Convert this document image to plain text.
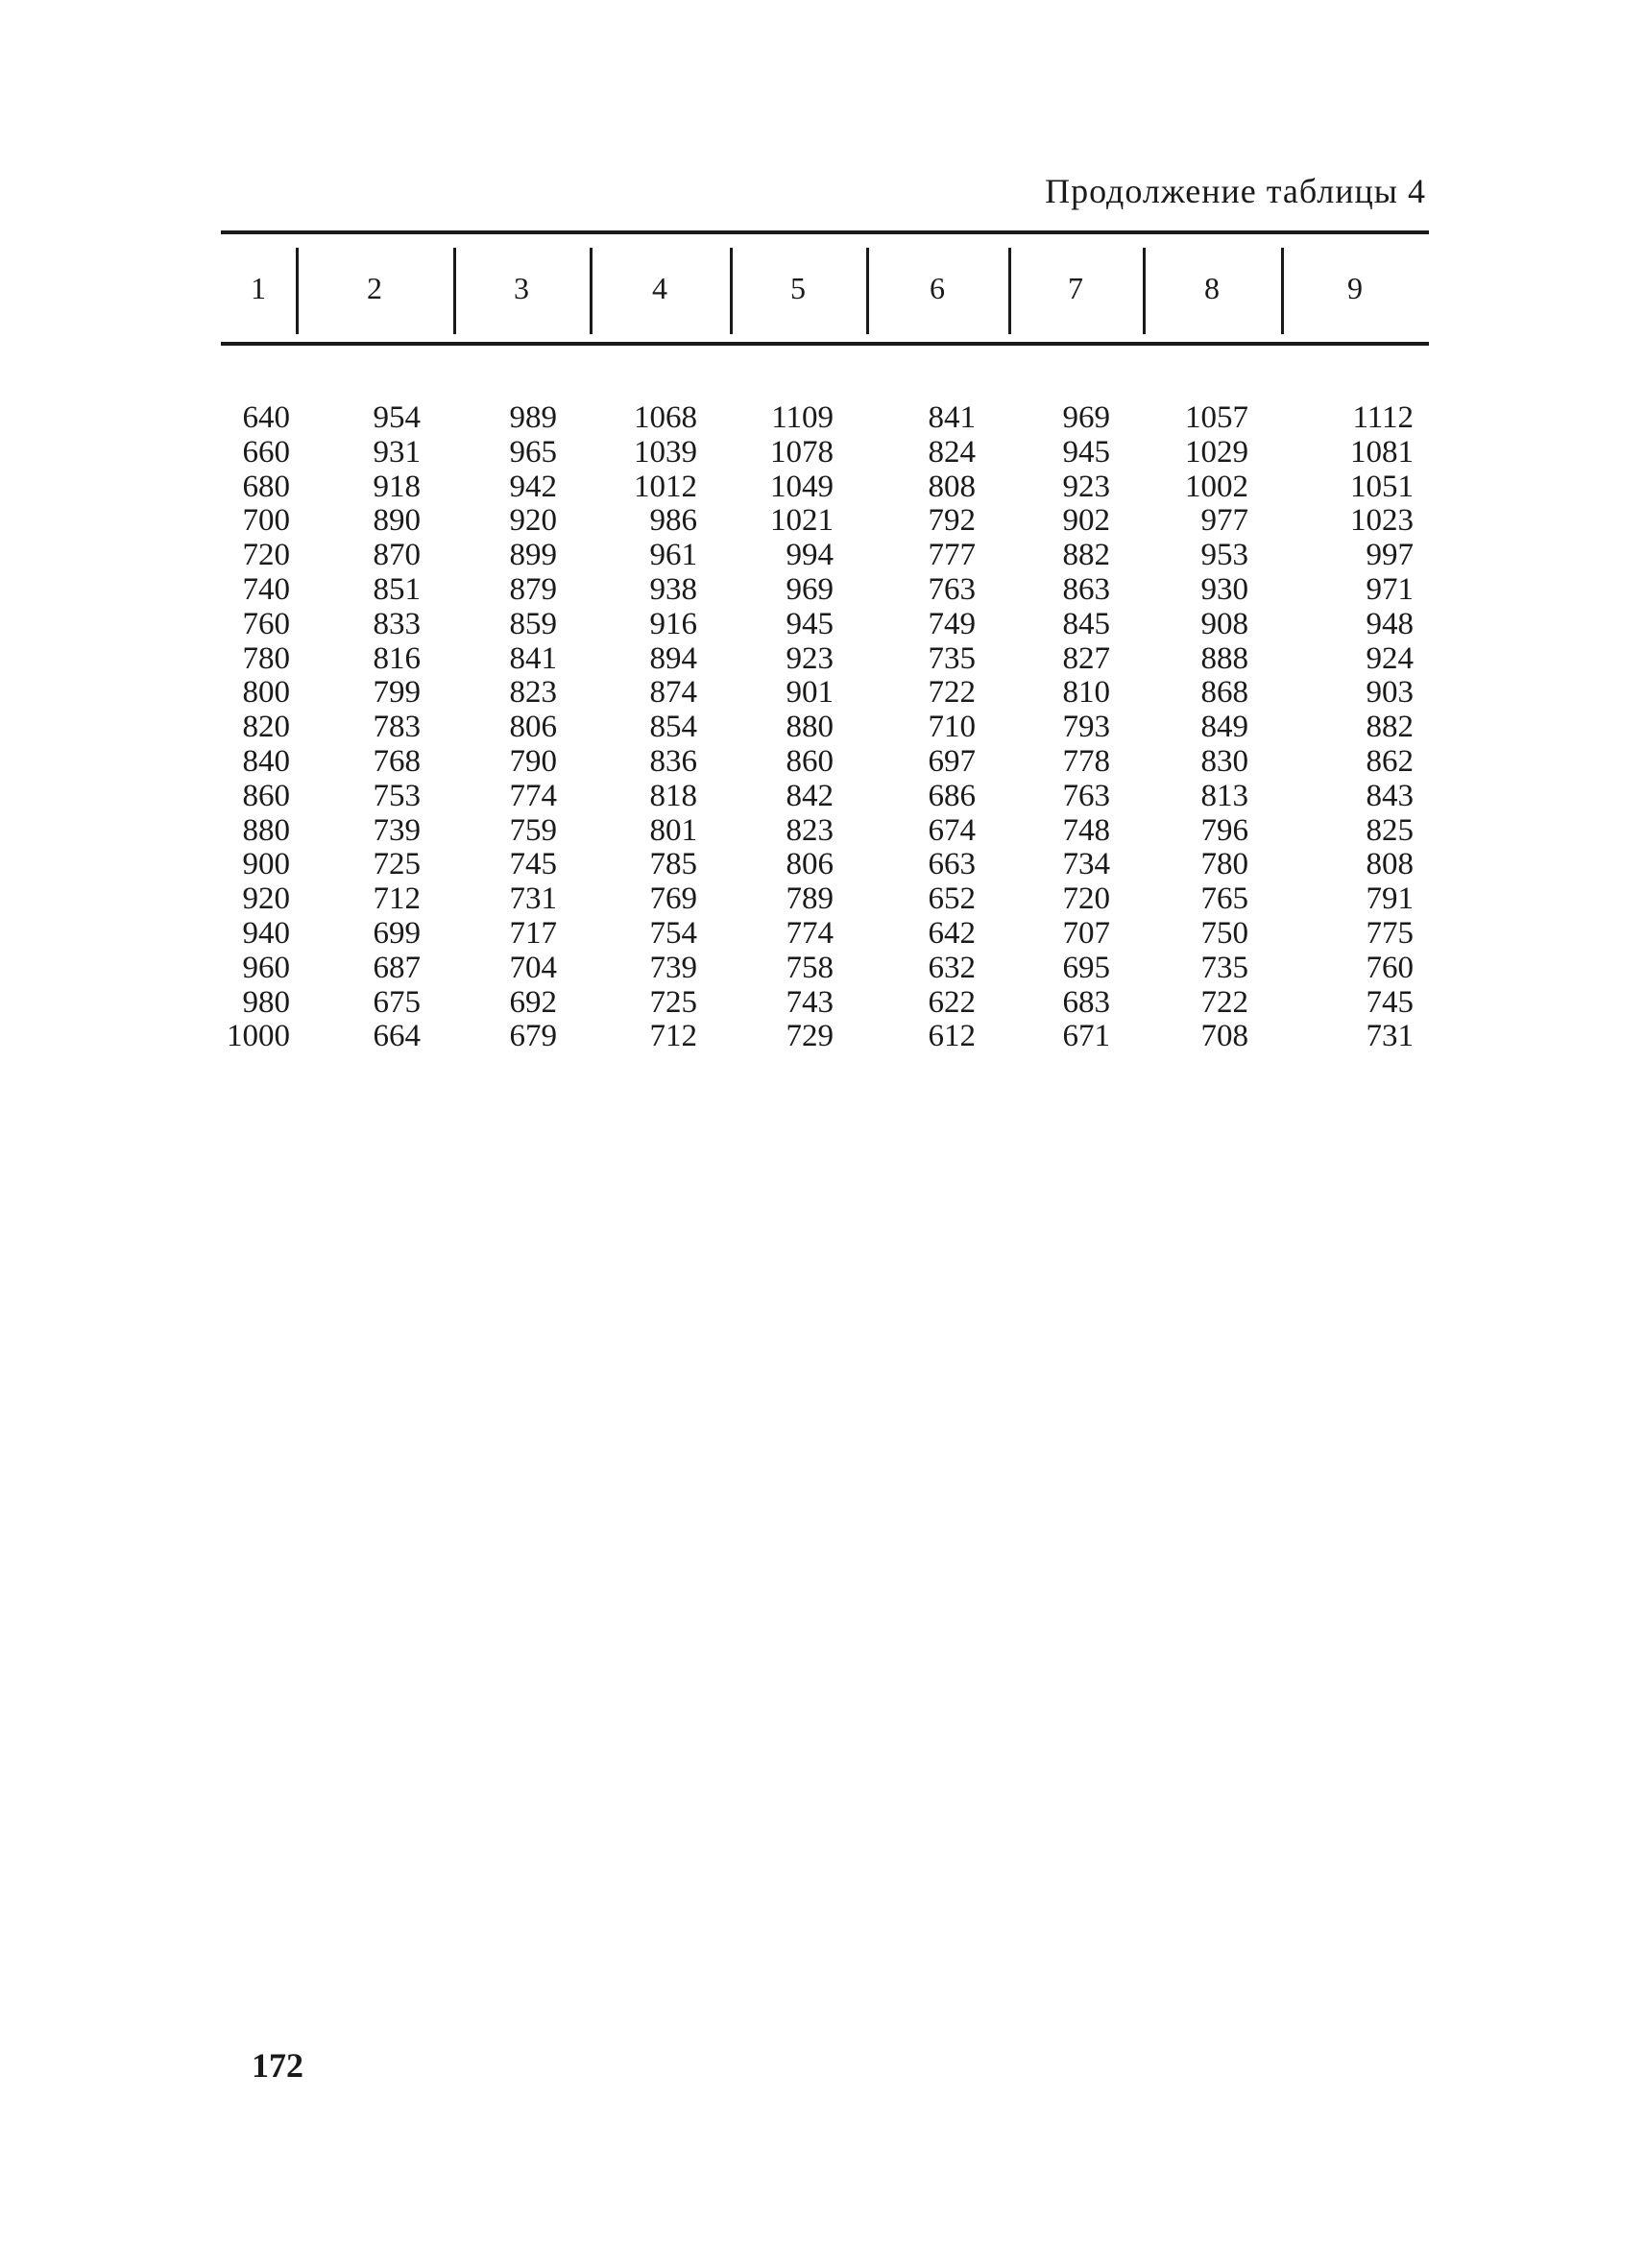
Продолжение таблицы 4
1	2	3	4	5	6	7	8	9
640	954	989	1068	1109	841	969	1057	1112
660	931	965	1039	1078	824	945	1029	1081
680	918	942	1012	1049	808	923	1002	1051
700	890	920	986	1021	792	902	977	1023
720	870	899	961	994	777	882	953	997
740	851	879	938	969	763	863	930	971
760	833	859	916	945	749	845	908	948
780	816	841	894	923	735	827	888	924
800	799	823	874	901	722	810	868	903
820	783	806	854	880	710	793	849	882
840	768	790	836	860	697	778	830	862
860	753	774	818	842	686	763	813	843
880	739	759	801	823	674	748	796	825
900	725	745	785	806	663	734	780	808
920	712	731	769	789	652	720	765	791
940	699	717	754	774	642	707	750	775
960	687	704	739	758	632	695	735	760
980	675	692	725	743	622	683	722	745
1000	664	679	712	729	612	671	708	731
172
